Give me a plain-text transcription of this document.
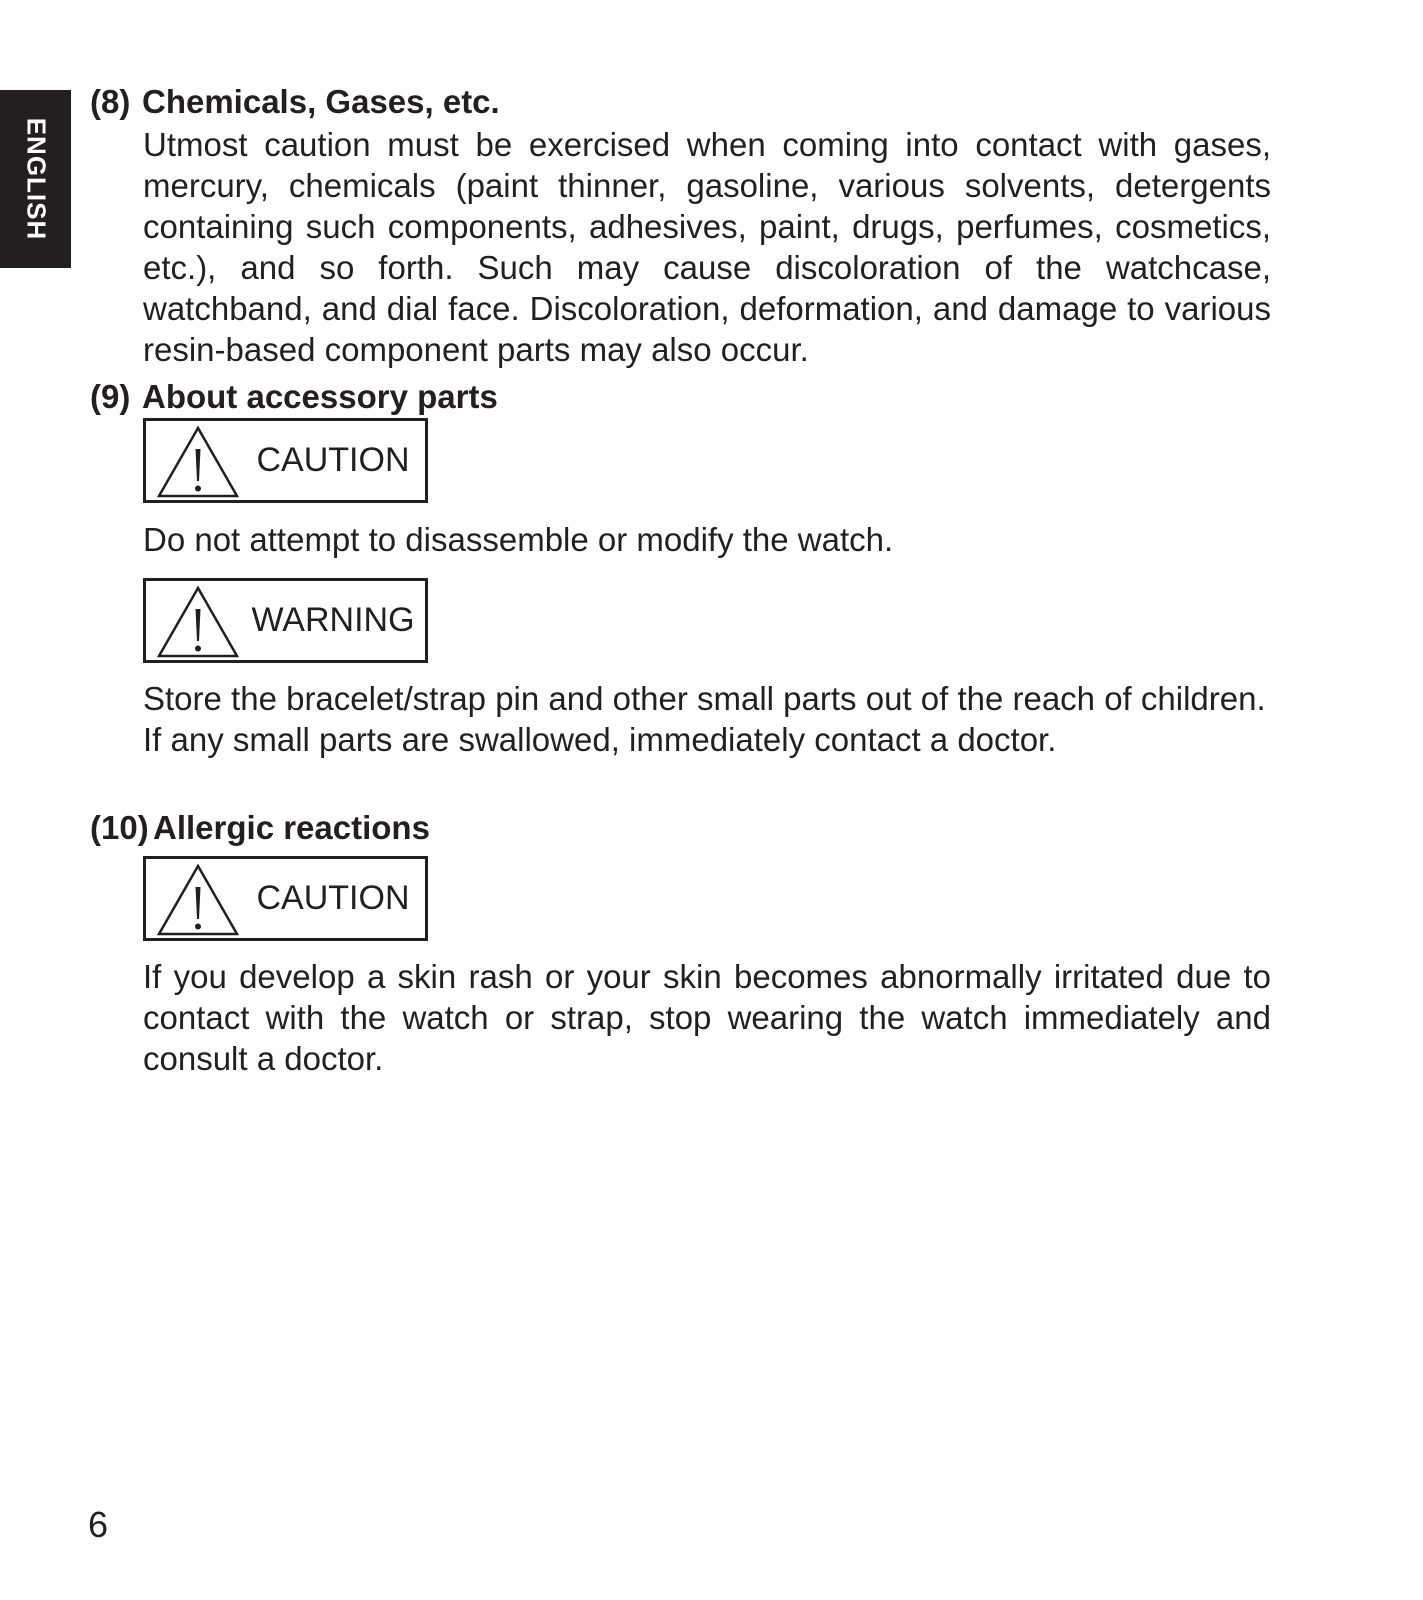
ENGLISH
(8) Chemicals, Gases, etc.

Utmost caution must be exercised when coming into contact with gases, mercury, chemicals (paint thinner, gasoline, various solvents, detergents containing such components, adhesives, paint, drugs, perfumes, cosmetics, etc.), and so forth. Such may cause discoloration of the watchcase, watchband, and dial face. Discoloration, deformation, and damage to various resin-based component parts may also occur.

(9) About accessory parts
CAUTION

Do not attempt to disassemble or modify the watch.

WARNING

Store the bracelet/strap pin and other small parts out of the reach of children.

If any small parts are swallowed, immediately contact a doctor.

(10) Allergic reactions
CAUTION

If you develop a skin rash or your skin becomes abnormally irritated due to contact with the watch or strap, stop wearing the watch immediately and consult a doctor.

6
